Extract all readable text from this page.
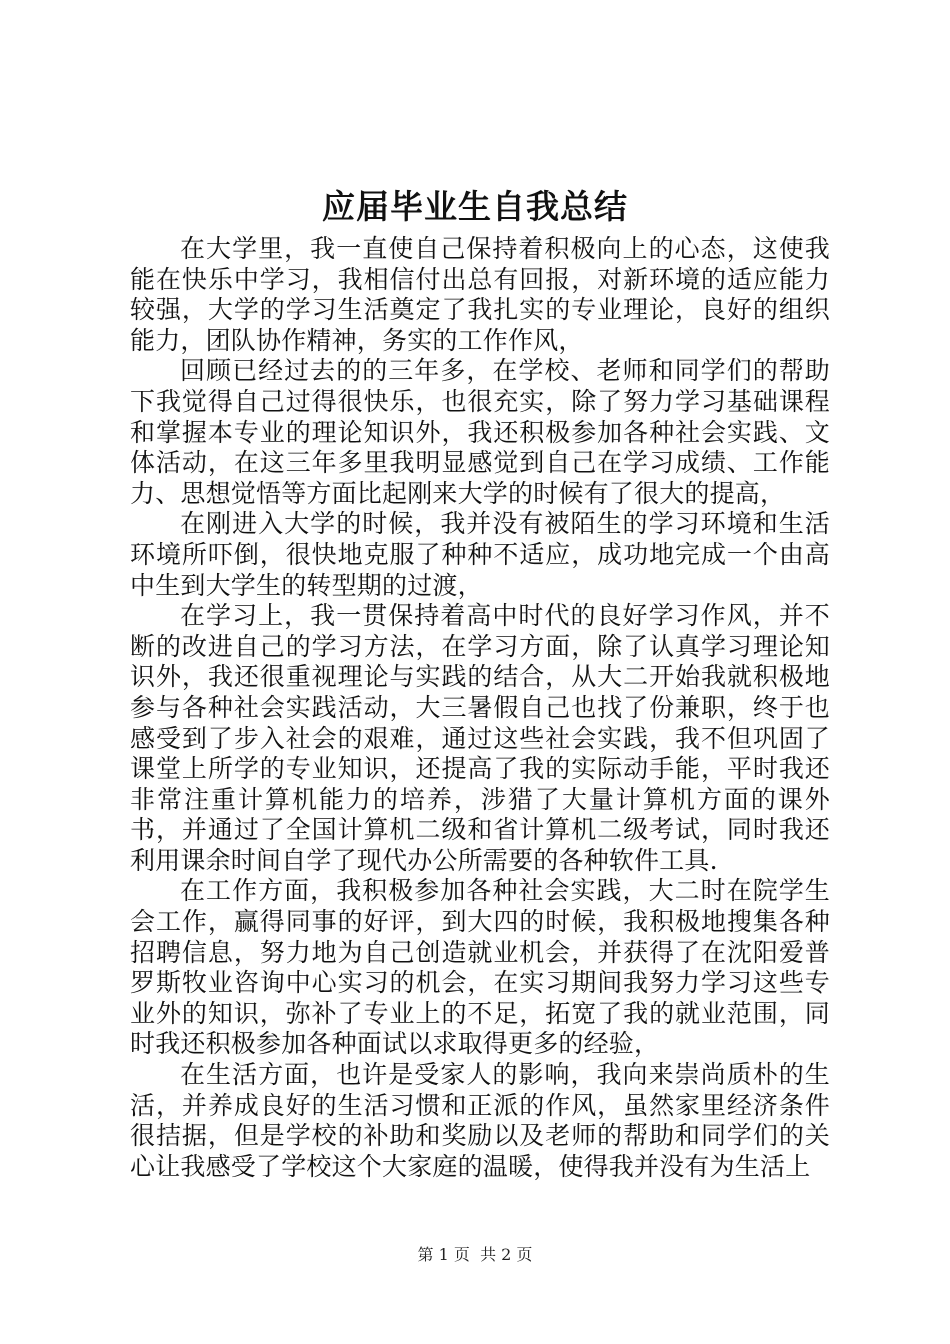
应届毕业生自我总结

在大学里，我一直使自己保持着积极向上的心态，这使我能在快乐中学习，我相信付出总有回报，对新环境的适应能力较强，大学的学习生活奠定了我扎实的专业理论，良好的组织能力，团队协作精神，务实的工作作风，

回顾已经过去的的三年多，在学校、老师和同学们的帮助下我觉得自己过得很快乐，也很充实，除了努力学习基础课程和掌握本专业的理论知识外，我还积极参加各种社会实践、文体活动，在这三年多里我明显感觉到自己在学习成绩、工作能力、思想觉悟等方面比起刚来大学的时候有了很大的提高，

在刚进入大学的时候，我并没有被陌生的学习环境和生活环境所吓倒，很快地克服了种种不适应，成功地完成一个由高中生到大学生的转型期的过渡，

在学习上，我一贯保持着高中时代的良好学习作风，并不断的改进自己的学习方法，在学习方面，除了认真学习理论知识外，我还很重视理论与实践的结合，从大二开始我就积极地参与各种社会实践活动，大三暑假自己也找了份兼职，终于也感受到了步入社会的艰难，通过这些社会实践，我不但巩固了课堂上所学的专业知识，还提高了我的实际动手能，平时我还非常注重计算机能力的培养，涉猎了大量计算机方面的课外书，并通过了全国计算机二级和省计算机二级考试，同时我还利用课余时间自学了现代办公所需要的各种软件工具.

在工作方面，我积极参加各种社会实践，大二时在院学生会工作，赢得同事的好评，到大四的时候，我积极地搜集各种招聘信息，努力地为自己创造就业机会，并获得了在沈阳爱普罗斯牧业咨询中心实习的机会，在实习期间我努力学习这些专业外的知识，弥补了专业上的不足，拓宽了我的就业范围，同时我还积极参加各种面试以求取得更多的经验，

在生活方面，也许是受家人的影响，我向来崇尚质朴的生活，并养成良好的生活习惯和正派的作风，虽然家里经济条件很拮据，但是学校的补助和奖励以及老师的帮助和同学们的关心让我感受了学校这个大家庭的温暖，使得我并没有为生活上

第 1 页 共 2 页
